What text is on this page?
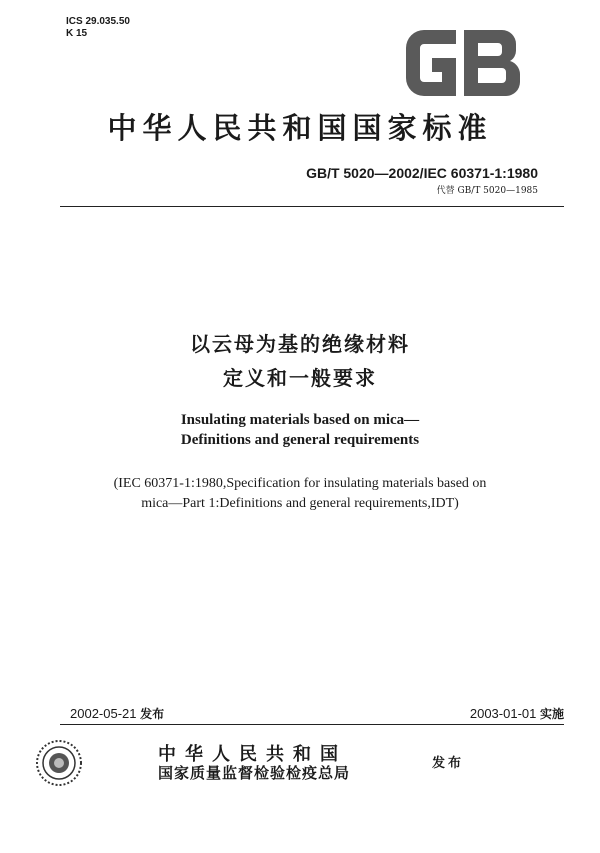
ICS 29.035.50
K 15
中华人民共和国国家标准
GB/T 5020—2002/IEC 60371-1:1980
代替 GB/T 5020—1985
以云母为基的绝缘材料
定义和一般要求
Insulating materials based on mica—
Definitions and general requirements
(IEC 60371-1:1980,Specification for insulating materials based on
mica—Part 1:Definitions and general requirements,IDT)
2002-05-21 发布	2003-01-01 实施
中华人民共和国
国家质量监督检验检疫总局
发布
